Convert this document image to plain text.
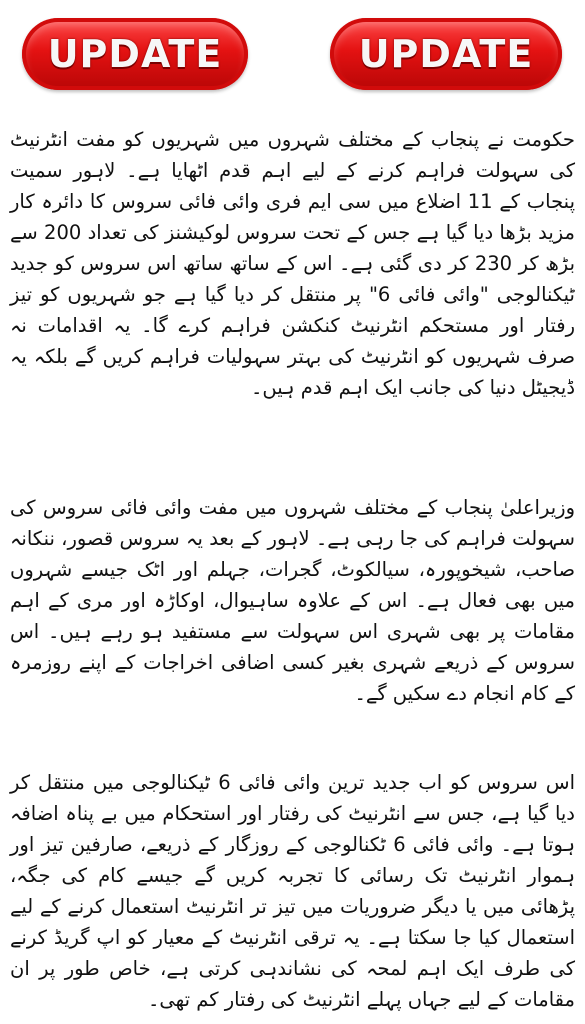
UPDATE	UPDATE

حکومت نے پنجاب کے مختلف شہروں میں شہریوں کو مفت انٹرنیٹ کی سہولت فراہم کرنے کے لیے اہم قدم اٹھایا ہے۔ لاہور سمیت پنجاب کے 11 اضلاع میں سی ایم فری وائی فائی سروس کا دائرہ کار مزید بڑھا دیا گیا ہے جس کے تحت سروس لوکیشنز کی تعداد 200 سے بڑھ کر 230 کر دی گئی ہے۔ اس کے ساتھ ساتھ اس سروس کو جدید ٹیکنالوجی "وائی فائی 6" پر منتقل کر دیا گیا ہے جو شہریوں کو تیز رفتار اور مستحکم انٹرنیٹ کنکشن فراہم کرے گا۔ یہ اقدامات نہ صرف شہریوں کو انٹرنیٹ کی بہتر سہولیات فراہم کریں گے بلکہ یہ ڈیجیٹل دنیا کی جانب ایک اہم قدم ہیں۔

وزیراعلیٰ پنجاب کے مختلف شہروں میں مفت وائی فائی سروس کی سہولت فراہم کی جا رہی ہے۔ لاہور کے بعد یہ سروس قصور، ننکانہ صاحب، شیخوپورہ، سیالکوٹ، گجرات، جہلم اور اٹک جیسے شہروں میں بھی فعال ہے۔ اس کے علاوہ ساہیوال، اوکاڑہ اور مری کے اہم مقامات پر بھی شہری اس سہولت سے مستفید ہو رہے ہیں۔ اس سروس کے ذریعے شہری بغیر کسی اضافی اخراجات کے اپنے روزمرہ کے کام انجام دے سکیں گے۔

اس سروس کو اب جدید ترین وائی فائی 6 ٹیکنالوجی میں منتقل کر دیا گیا ہے، جس سے انٹرنیٹ کی رفتار اور استحکام میں بے پناہ اضافہ ہوتا ہے۔ وائی فائی 6 ٹکنالوجی کے روزگار کے ذریعے، صارفین تیز اور ہموار انٹرنیٹ تک رسائی کا تجربہ کریں گے جیسے کام کی جگہ، پڑھائی میں یا دیگر ضروریات میں تیز تر انٹرنیٹ استعمال کرنے کے لیے استعمال کیا جا سکتا ہے۔ یہ ترقی انٹرنیٹ کے معیار کو اپ گریڈ کرنے کی طرف ایک اہم لمحہ کی نشاندہی کرتی ہے، خاص طور پر ان مقامات کے لیے جہاں پہلے انٹرنیٹ کی رفتار کم تھی۔
